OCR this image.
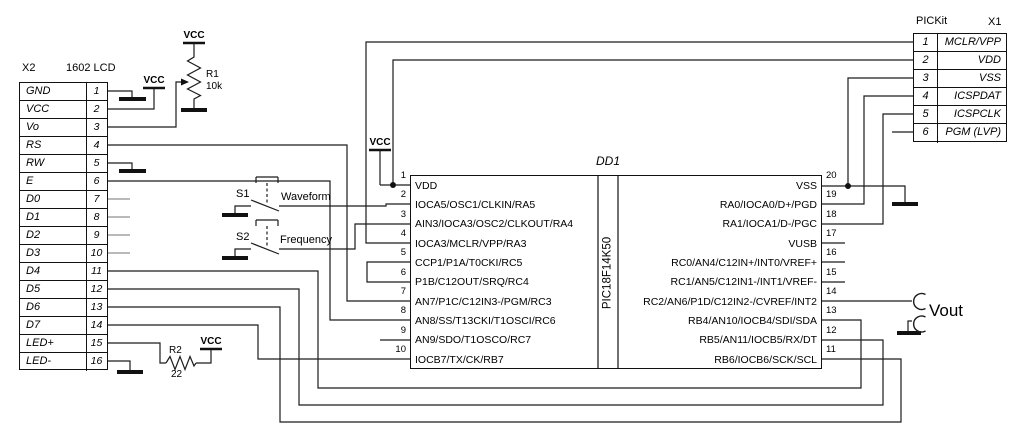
X2	1602 LCD
GND	1
VCC	2
Vo	3
RS	4
RW	5
E	6
D0	7
D1	8
D2	9
D3	10
D4	11
D5	12
D6	13
D7	14
LED+	15
LED-	16
DD1
VDD
IOCA5/OSC1/CLKIN/RA5
AIN3/IOCA3/OSC2/CLKOUT/RA4
IOCA3/MCLR/VPP/RA3
CCP1/P1A/T0CKI/RC5
P1B/C12OUT/SRQ/RC4
AN7/P1C/C12IN3-/PGM/RC3
AN8/SS/T13CKI/T1OSCI/RC6
AN9/SDO/T1OSCO/RC7
IOCB7/TX/CK/RB7
VSS
RA0/IOCA0/D+/PGD
RA1/IOCA1/D-/PGC
VUSB
RC0/AN4/C12IN+/INT0/VREF+
RC1/AN5/C12IN1-/INT1/VREF-
RC2/AN6/P1D/C12IN2-/CVREF/INT2
RB4/AN10/IOCB4/SDI/SDA
RB5/AN11/IOCB5/RX/DT
RB6/IOCB6/SCK/SCL
PIC18F14K50
1
2
3
4
5
6
7
8
9
10
20
19
18
17
16
15
14
13
12
11
PICKit	X1
1	MCLR/VPP
2	VDD
3	VSS
4	ICSPDAT
5	ICSPCLK
6	PGM (LVP)
VCC
VCC
VCC
VCC
R1
10k
R2
22
S1	Waveform
S2	Frequency
Vout
